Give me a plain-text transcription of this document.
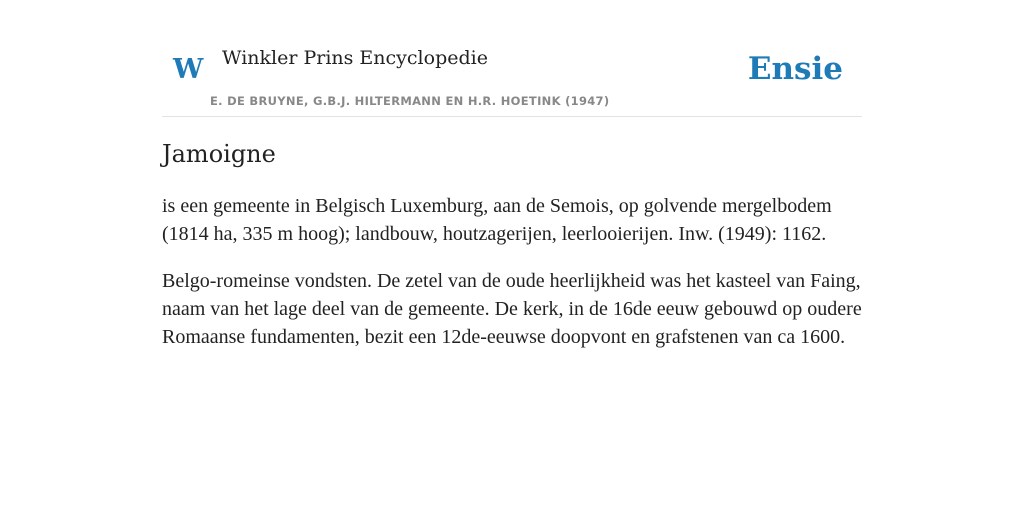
W Winkler Prins Encyclopedie
E. DE BRUYNE, G.B.J. HILTERMANN EN H.R. HOETINK (1947)
Ensie
Jamoigne

is een gemeente in Belgisch Luxemburg, aan de Semois, op golvende mergelbodem (1814 ha, 335 m hoog); landbouw, houtzagerijen, leerlooierijen. Inw. (1949): 1162.

Belgo-romeinse vondsten. De zetel van de oude heerlijkheid was het kasteel van Faing, naam van het lage deel van de gemeente. De kerk, in de 16de eeuw gebouwd op oudere Romaanse fundamenten, bezit een 12de-eeuwse doopvont en grafstenen van ca 1600.
